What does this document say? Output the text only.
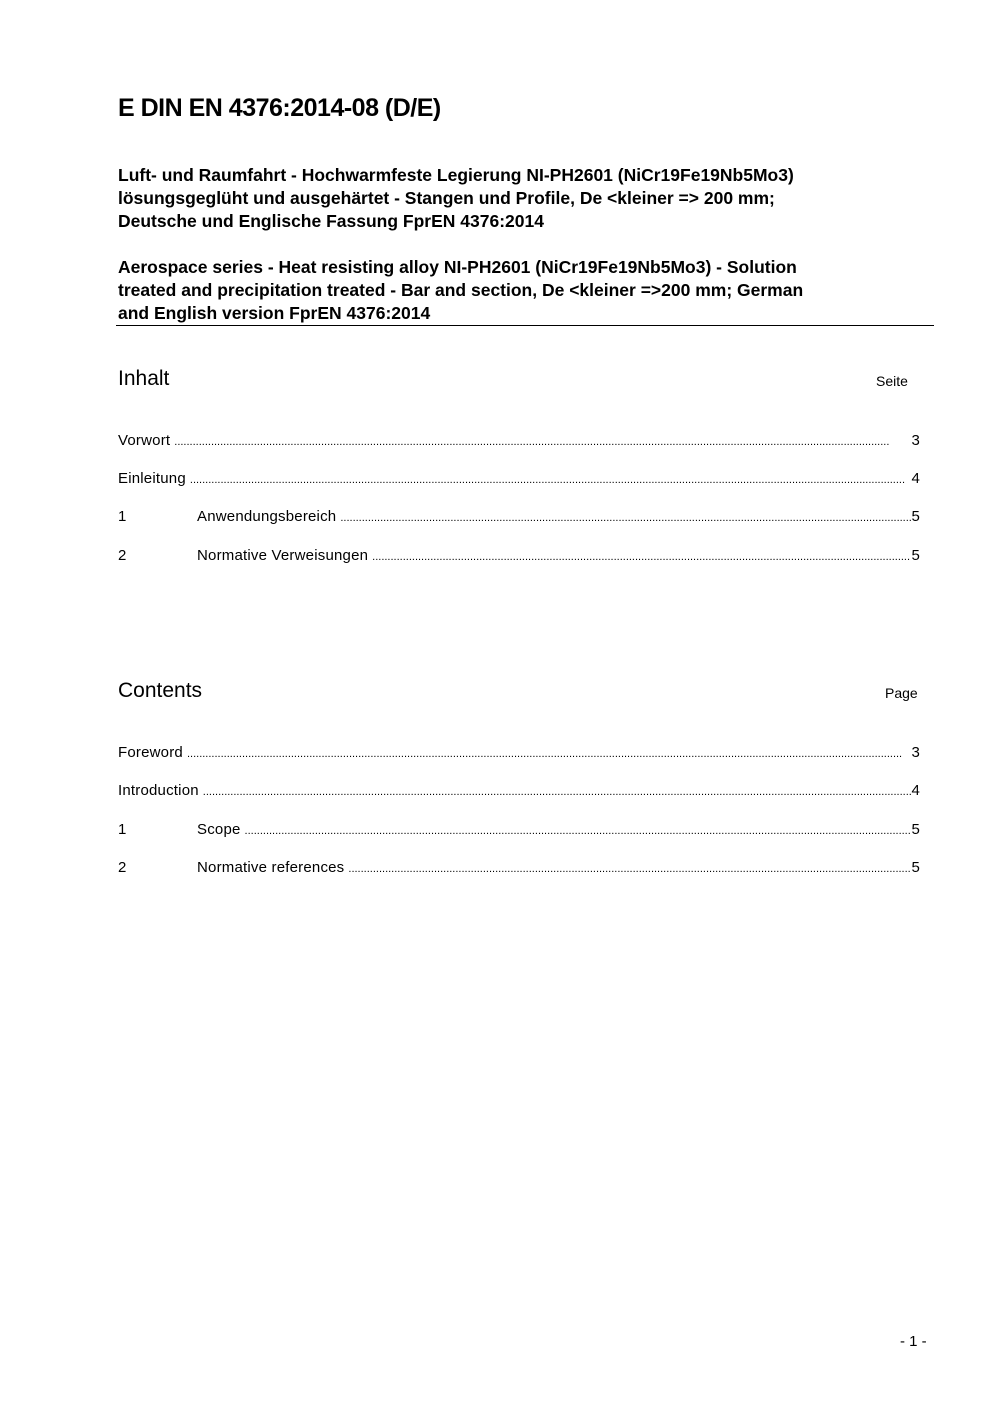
E DIN EN 4376:2014-08 (D/E)
Luft- und Raumfahrt - Hochwarmfeste Legierung NI-PH2601 (NiCr19Fe19Nb5Mo3)
lösungsgeglüht und ausgehärtet - Stangen und Profile, De <kleiner => 200 mm;
Deutsche und Englische Fassung FprEN 4376:2014
Aerospace series - Heat resisting alloy NI-PH2601 (NiCr19Fe19Nb5Mo3) - Solution
treated and precipitation treated - Bar and section, De <kleiner =>200 mm; German
and English version FprEN 4376:2014
Inhalt	Seite
Vorwort .....	3
Einleitung .....	4
1	Anwendungsbereich .....	5
2	Normative Verweisungen .....	5
Contents	Page
Foreword .....	3
Introduction .....	4
1	Scope .....	5
2	Normative references .....	5
- 1 -
